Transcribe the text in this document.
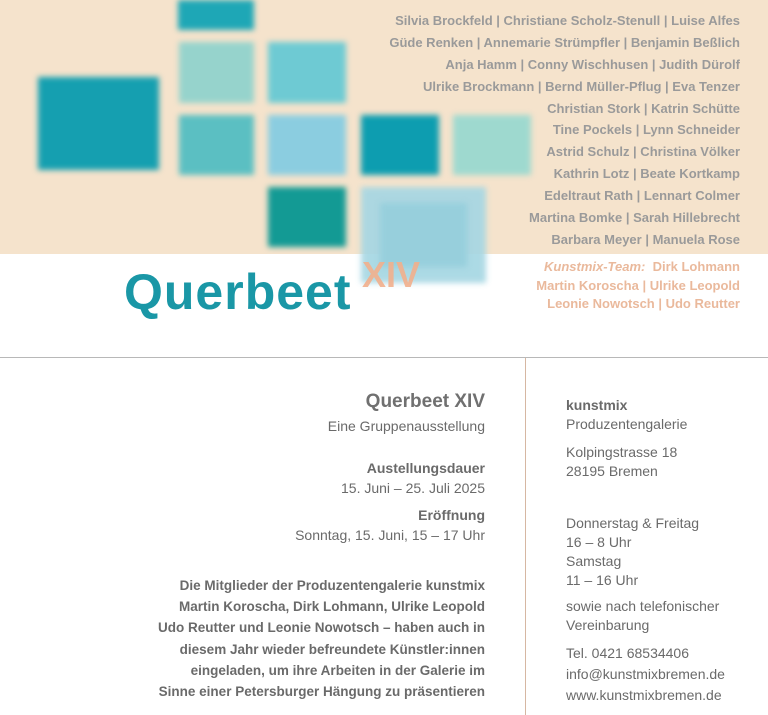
Querbeet XIV
Silvia Brockfeld | Christiane Scholz-Stenull | Luise Alfes
Güde Renken | Annemarie Strümpfler | Benjamin Beßlich
Anja Hamm | Conny Wischhusen | Judith Dürolf
Ulrike Brockmann | Bernd Müller-Pflug | Eva Tenzer
Christian Stork | Katrin Schütte
Tine Pockels | Lynn Schneider
Astrid Schulz | Christina Völker
Kathrin Lotz | Beate Kortkamp
Edeltraut Rath | Lennart Colmer
Martina Bomke | Sarah Hillebrecht
Barbara Meyer | Manuela Rose
Kunstmix-Team: Dirk Lohmann
Martin Koroscha | Ulrike Leopold
Leonie Nowotsch | Udo Reutter
Querbeet XIV
Eine Gruppenausstellung
Austellungsdauer
15. Juni – 25. Juli 2025
Eröffnung
Sonntag, 15. Juni, 15 – 17 Uhr
Die Mitglieder der Produzentengalerie kunstmix
Martin Koroscha, Dirk Lohmann, Ulrike Leopold
Udo Reutter und Leonie Nowotsch – haben auch in
diesem Jahr wieder befreundete Künstler:innen
eingeladen, um ihre Arbeiten in der Galerie im
Sinne einer Petersburger Hängung zu präsentieren
kunstmix
Produzentengalerie
Kolpingstrasse 18
28195 Bremen
Donnerstag & Freitag
16 – 8 Uhr
Samstag
11 – 16 Uhr
sowie nach telefonischer
Vereinbarung
Tel. 0421 68534406
info@kunstmixbremen.de
www.kunstmixbremen.de
